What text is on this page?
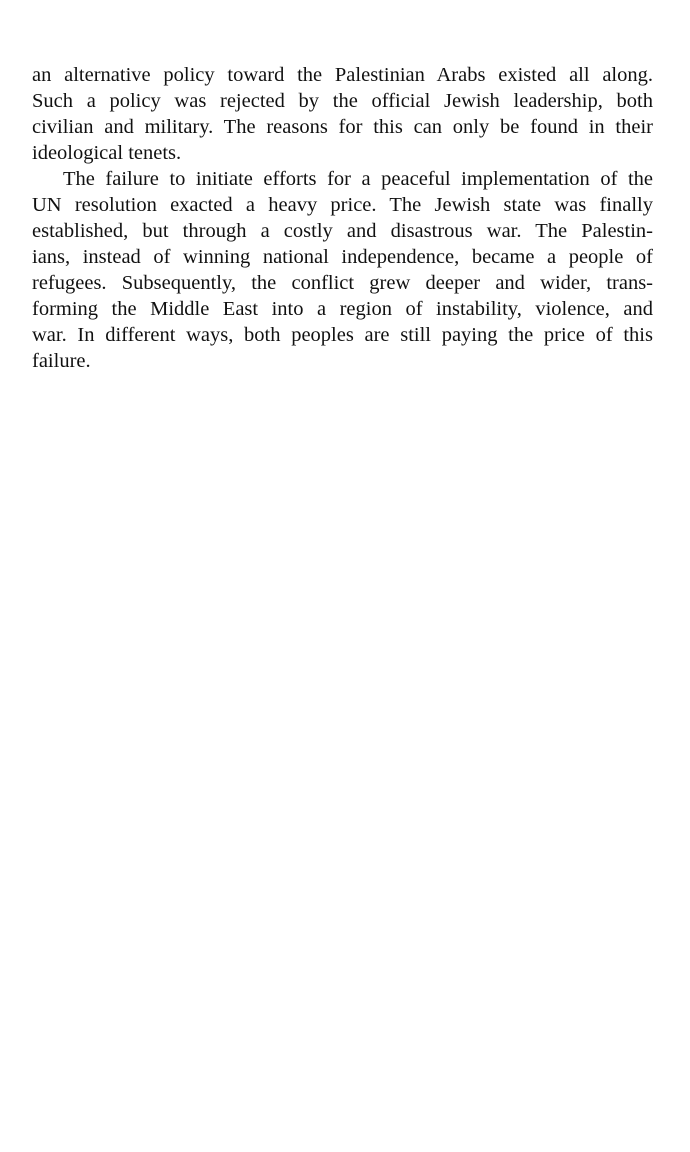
an alternative policy toward the Palestinian Arabs existed all along.
Such a policy was rejected by the official Jewish leadership, both
civilian and military. The reasons for this can only be found in their
ideological tenets.
The failure to initiate efforts for a peaceful implementation of the
UN resolution exacted a heavy price. The Jewish state was finally
established, but through a costly and disastrous war. The Palestin-
ians, instead of winning national independence, became a people of
refugees. Subsequently, the conflict grew deeper and wider, trans-
forming the Middle East into a region of instability, violence, and
war. In different ways, both peoples are still paying the price of this
failure.
